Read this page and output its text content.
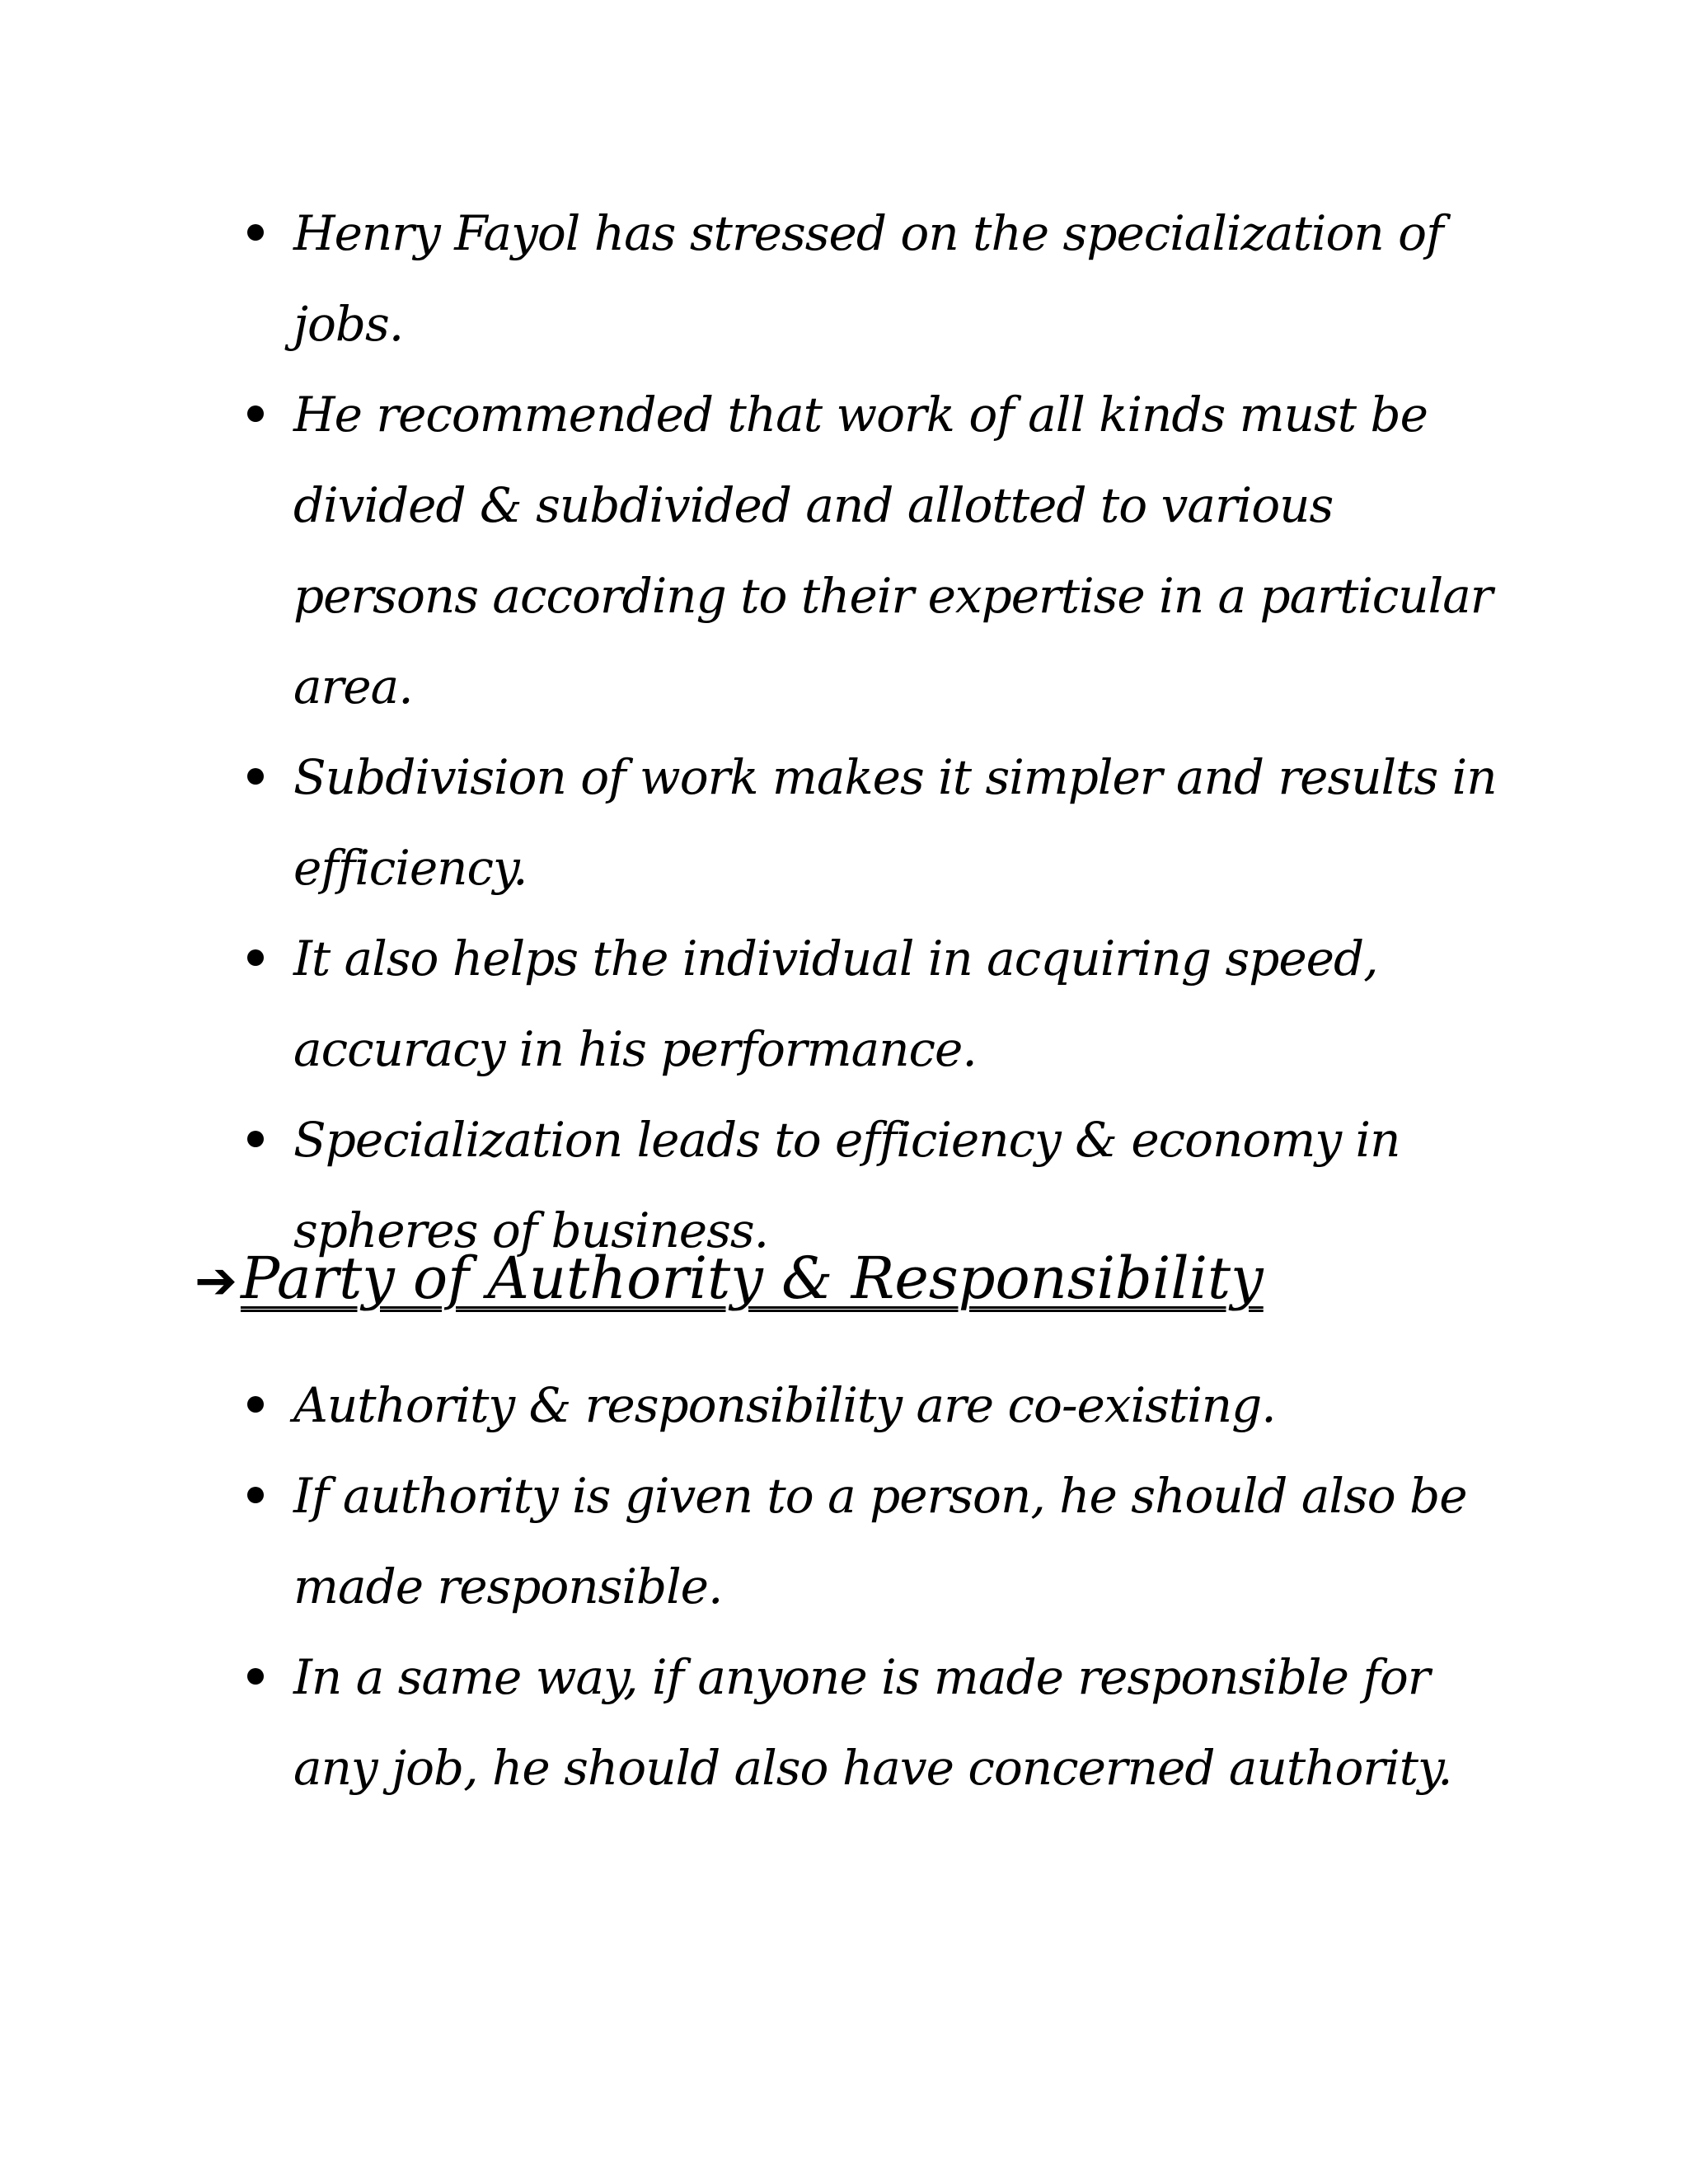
Henry Fayol has stressed on the specialization of jobs.
He recommended that work of all kinds must be divided & subdivided and allotted to various persons according to their expertise in a particular area.
Subdivision of work makes it simpler and results in efficiency.
It also helps the individual in acquiring speed, accuracy in his performance.
Specialization leads to efficiency & economy in spheres of business.
➔Party of Authority & Responsibility
Authority & responsibility are co-existing.
If authority is given to a person, he should also be made responsible.
In a same way, if anyone is made responsible for any job, he should also have concerned authority.
